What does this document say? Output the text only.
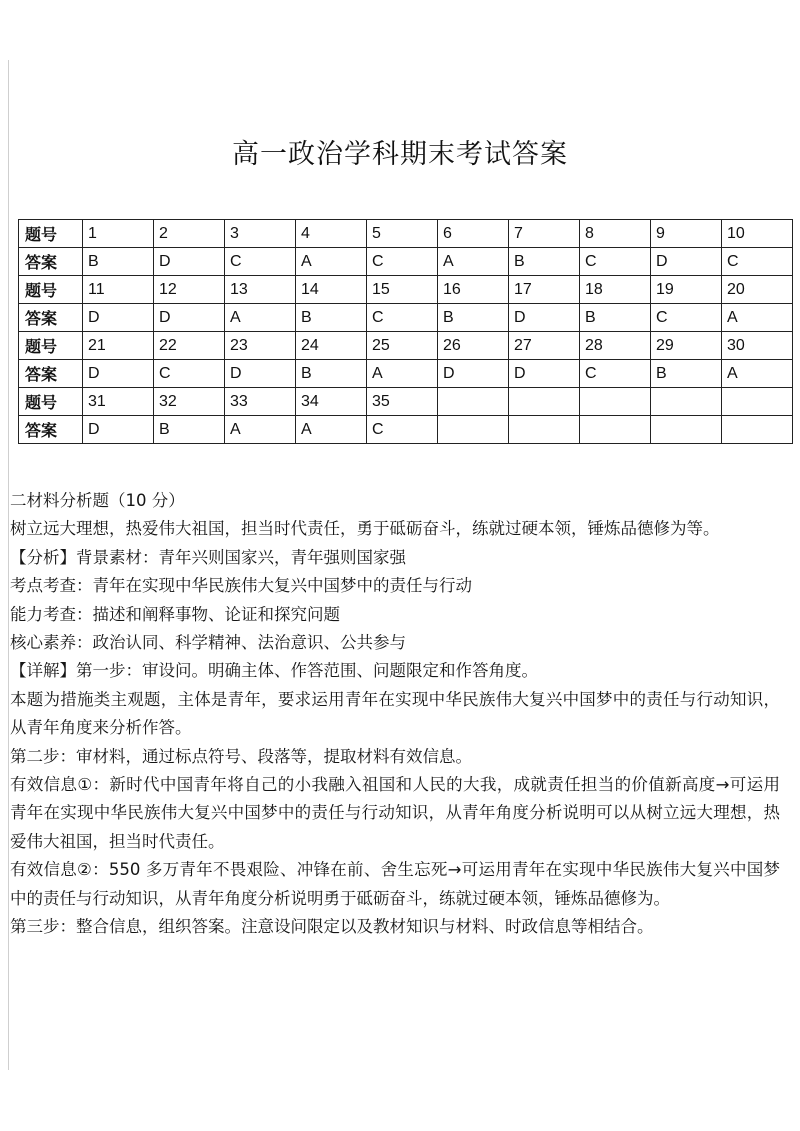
高一政治学科期末考试答案
题号	1	2	3	4	5	6	7	8	9	10
答案	B	D	C	A	C	A	B	C	D	C
题号	11	12	13	14	15	16	17	18	19	20
答案	D	D	A	B	C	B	D	B	C	A
题号	21	22	23	24	25	26	27	28	29	30
答案	D	C	D	B	A	D	D	C	B	A
题号	31	32	33	34	35					
答案	D	B	A	A	C					

二材料分析题（10 分）

树立远大理想，热爱伟大祖国，担当时代责任，勇于砥砺奋斗，练就过硬本领，锤炼品德修为等。

【分析】背景素材：青年兴则国家兴，青年强则国家强

考点考查：青年在实现中华民族伟大复兴中国梦中的责任与行动

能力考查：描述和阐释事物、论证和探究问题

核心素养：政治认同、科学精神、法治意识、公共参与

【详解】第一步：审设问。明确主体、作答范围、问题限定和作答角度。

本题为措施类主观题，主体是青年，要求运用青年在实现中华民族伟大复兴中国梦中的责任与行动知识，从青年角度来分析作答。

第二步：审材料，通过标点符号、段落等，提取材料有效信息。

有效信息①：新时代中国青年将自己的小我融入祖国和人民的大我，成就责任担当的价值新高度→可运用青年在实现中华民族伟大复兴中国梦中的责任与行动知识，从青年角度分析说明可以从树立远大理想，热爱伟大祖国，担当时代责任。

有效信息②：550 多万青年不畏艰险、冲锋在前、舍生忘死→可运用青年在实现中华民族伟大复兴中国梦中的责任与行动知识，从青年角度分析说明勇于砥砺奋斗，练就过硬本领，锤炼品德修为。

第三步：整合信息，组织答案。注意设问限定以及教材知识与材料、时政信息等相结合。
